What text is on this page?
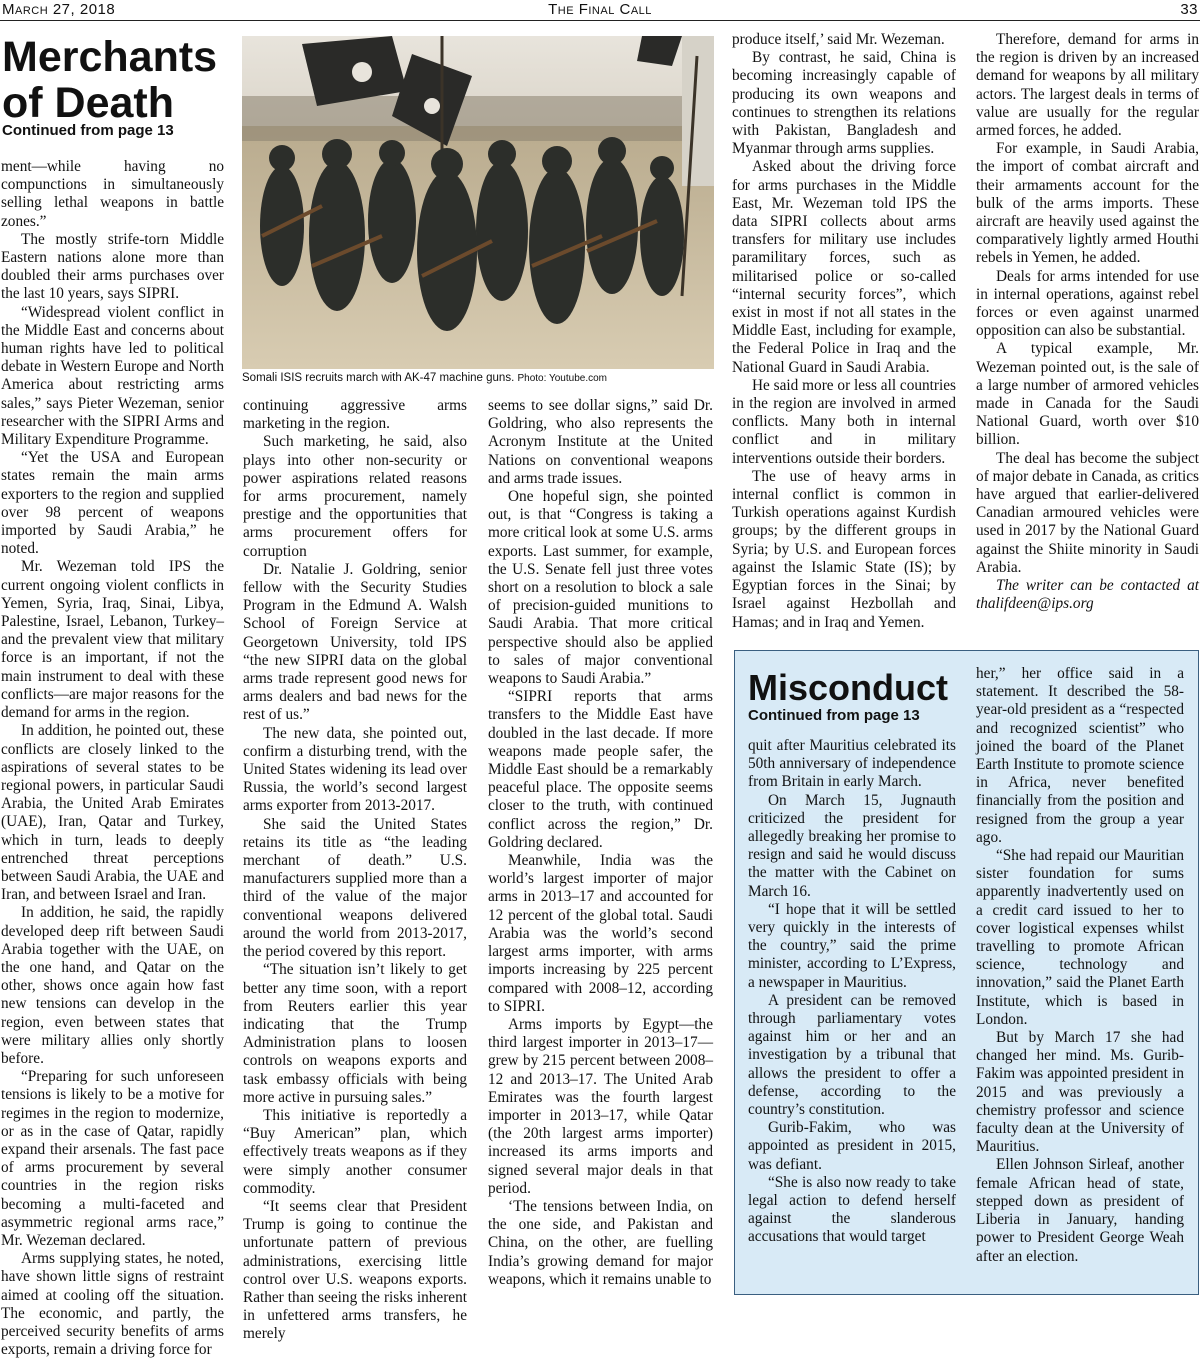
March 27, 2018	The Final Call	33
Merchants
of Death
Continued from page 13

ment—while having no compunctions in simultaneously selling lethal weapons in battle zones.”

The mostly strife-torn Middle Eastern nations alone more than doubled their arms purchases over the last 10 years, says SIPRI.

“Widespread violent conflict in the Middle East and concerns about human rights have led to political debate in Western Europe and North America about restricting arms sales,” says Pieter Wezeman, senior researcher with the SIPRI Arms and Military Expenditure Programme.

“Yet the USA and European states remain the main arms exporters to the region and supplied over 98 percent of weapons imported by Saudi Arabia,” he noted.

Mr. Wezeman told IPS the current ongoing violent conflicts in Yemen, Syria, Iraq, Sinai, Libya, Palestine, Israel, Lebanon, Turkey–and the prevalent view that military force is an important, if not the main instrument to deal with these conflicts—are major reasons for the demand for arms in the region.

In addition, he pointed out, these conflicts are closely linked to the aspirations of several states to be regional powers, in particular Saudi Arabia, the United Arab Emirates (UAE), Iran, Qatar and Turkey, which in turn, leads to deeply entrenched threat perceptions between Saudi Arabia, the UAE and Iran, and between Israel and Iran.

In addition, he said, the rapidly developed deep rift between Saudi Arabia together with the UAE, on the one hand, and Qatar on the other, shows once again how fast new tensions can develop in the region, even between states that were military allies only shortly before.

“Preparing for such unforeseen tensions is likely to be a motive for regimes in the region to modernize, or as in the case of Qatar, rapidly expand their arsenals. The fast pace of arms procurement by several countries in the region risks becoming a multi-faceted and asymmetric regional arms race,” Mr. Wezeman declared.

Arms supplying states, he noted, have shown little signs of restraint aimed at cooling off the situation. The economic, and partly, the perceived security benefits of arms exports, remain a driving force for

Somali ISIS recruits march with AK-47 machine guns. Photo: Youtube.com

continuing aggressive arms marketing in the region.

Such marketing, he said, also plays into other non-security or power aspirations related reasons for arms procurement, namely prestige and the opportunities that arms procurement offers for corruption

Dr. Natalie J. Goldring, senior fellow with the Security Studies Program in the Edmund A. Walsh School of Foreign Service at Georgetown University, told IPS “the new SIPRI data on the global arms trade represent good news for arms dealers and bad news for the rest of us.”

The new data, she pointed out, confirm a disturbing trend, with the United States widening its lead over Russia, the world’s second largest arms exporter from 2013-2017.

She said the United States retains its title as “the leading merchant of death.” U.S. manufacturers supplied more than a third of the value of the major conventional weapons delivered around the world from 2013-2017, the period covered by this report.

“The situation isn’t likely to get better any time soon, with a report from Reuters earlier this year indicating that the Trump Administration plans to loosen controls on weapons exports and task embassy officials with being more active in pursuing sales.”

This initiative is reportedly a “Buy American” plan, which effectively treats weapons as if they were simply another consumer commodity.

“It seems clear that President Trump is going to continue the unfortunate pattern of previous administrations, exercising little control over U.S. weapons exports. Rather than seeing the risks inherent in unfettered arms transfers, he merely

seems to see dollar signs,” said Dr. Goldring, who also represents the Acronym Institute at the United Nations on conventional weapons and arms trade issues.

One hopeful sign, she pointed out, is that “Congress is taking a more critical look at some U.S. arms exports. Last summer, for example, the U.S. Senate fell just three votes short on a resolution to block a sale of precision-guided munitions to Saudi Arabia. That more critical perspective should also be applied to sales of major conventional weapons to Saudi Arabia.”

“SIPRI reports that arms transfers to the Middle East have doubled in the last decade. If more weapons made people safer, the Middle East should be a remarkably peaceful place. The opposite seems closer to the truth, with continued conflict across the region,” Dr. Goldring declared.

Meanwhile, India was the world’s largest importer of major arms in 2013–17 and accounted for 12 percent of the global total. Saudi Arabia was the world’s second largest arms importer, with arms imports increasing by 225 percent compared with 2008–12, according to SIPRI.

Arms imports by Egypt—the third largest importer in 2013–17—grew by 215 percent between 2008–12 and 2013–17. The United Arab Emirates was the fourth largest importer in 2013–17, while Qatar (the 20th largest arms importer) increased its arms imports and signed several major deals in that period.

‘The tensions between India, on the one side, and Pakistan and China, on the other, are fuelling India’s growing demand for major weapons, which it remains unable to

produce itself,’ said Mr. Wezeman.

By contrast, he said, China is becoming increasingly capable of producing its own weapons and continues to strengthen its relations with Pakistan, Bangladesh and Myanmar through arms supplies.

Asked about the driving force for arms purchases in the Middle East, Mr. Wezeman told IPS the data SIPRI collects about arms transfers for military use includes paramilitary forces, such as militarised police or so-called “internal security forces”, which exist in most if not all states in the Middle East, including for example, the Federal Police in Iraq and the National Guard in Saudi Arabia.

He said more or less all countries in the region are involved in armed conflicts. Many both in internal conflict and in military interventions outside their borders.

The use of heavy arms in internal conflict is common in Turkish operations against Kurdish groups; by the different groups in Syria; by U.S. and European forces against the Islamic State (IS); by Egyptian forces in the Sinai; by Israel against Hezbollah and Hamas; and in Iraq and Yemen.

Therefore, demand for arms in the region is driven by an increased demand for weapons by all military actors. The largest deals in terms of value are usually for the regular armed forces, he added.

For example, in Saudi Arabia, the import of combat aircraft and their armaments account for the bulk of the arms imports. These aircraft are heavily used against the comparatively lightly armed Houthi rebels in Yemen, he added.

Deals for arms intended for use in internal operations, against rebel forces or even against unarmed opposition can also be substantial.

A typical example, Mr. Wezeman pointed out, is the sale of a large number of armored vehicles made in Canada for the Saudi National Guard, worth over $10 billion.

The deal has become the subject of major debate in Canada, as critics have argued that earlier-delivered Canadian armoured vehicles were used in 2017 by the National Guard against the Shiite minority in Saudi Arabia.

The writer can be contacted at thalifdeen@ips.org

Misconduct
Continued from page 13

quit after Mauritius celebrated its 50th anniversary of independence from Britain in early March.

On March 15, Jugnauth criticized the president for allegedly breaking her promise to resign and said he would discuss the matter with the Cabinet on March 16.

“I hope that it will be settled very quickly in the interests of the country,” said the prime minister, according to L’Express, a newspaper in Mauritius.

A president can be removed through parliamentary votes against him or her and an investigation by a tribunal that allows the president to offer a defense, according to the country’s constitution.

Gurib-Fakim, who was appointed as president in 2015, was defiant.

“She is also now ready to take legal action to defend herself against the slanderous accusations that would target

her,” her office said in a statement. It described the 58-year-old president as a “respected and recognized scientist” who joined the board of the Planet Earth Institute to promote science in Africa, never benefited financially from the position and resigned from the group a year ago.

“She had repaid our Mauritian sister foundation for sums apparently inadvertently used on a credit card issued to her to cover logistical expenses whilst travelling to promote African science, technology and innovation,” said the Planet Earth Institute, which is based in London.

But by March 17 she had changed her mind. Ms. Gurib-Fakim was appointed president in 2015 and was previously a chemistry professor and science faculty dean at the University of Mauritius.

Ellen Johnson Sirleaf, another female African head of state, stepped down as president of Liberia in January, handing power to President George Weah after an election.
